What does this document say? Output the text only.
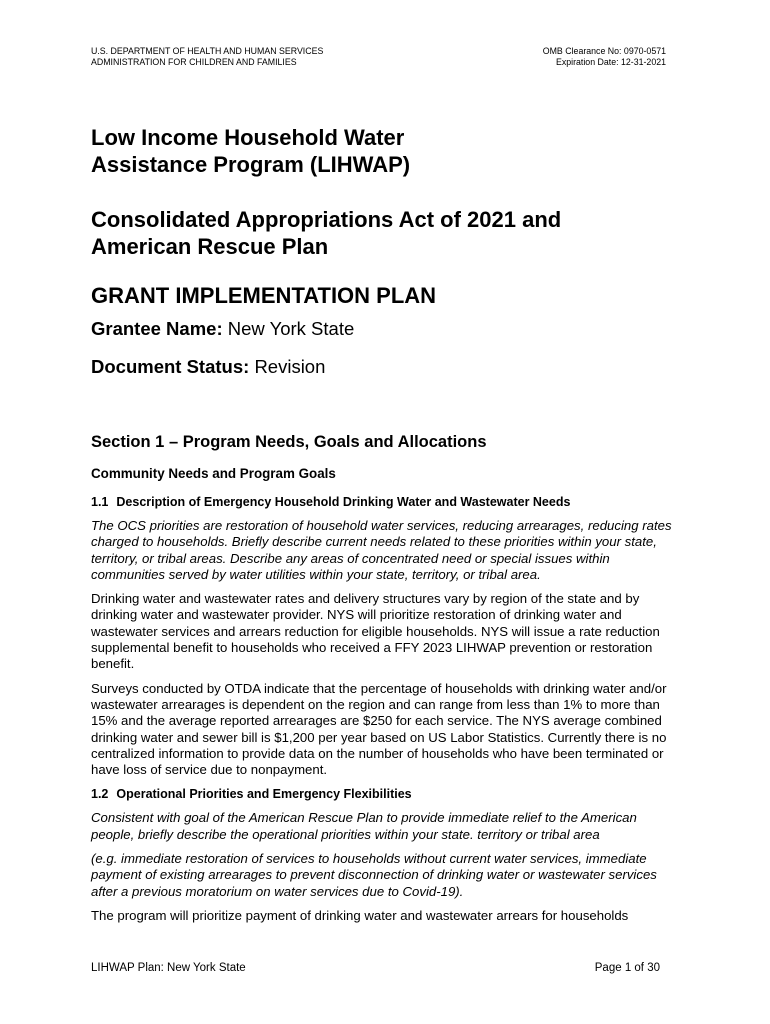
U.S. DEPARTMENT OF HEALTH AND HUMAN SERVICES
ADMINISTRATION FOR CHILDREN AND FAMILIES
OMB Clearance No: 0970-0571
Expiration Date: 12-31-2021
Low Income Household Water Assistance Program (LIHWAP)
Consolidated Appropriations Act of 2021 and American Rescue Plan
GRANT IMPLEMENTATION PLAN
Grantee Name: New York State
Document Status: Revision
Section 1 – Program Needs, Goals and Allocations
Community Needs and Program Goals
1.1 Description of Emergency Household Drinking Water and Wastewater Needs

The OCS priorities are restoration of household water services, reducing arrearages, reducing rates charged to households. Briefly describe current needs related to these priorities within your state, territory, or tribal areas. Describe any areas of concentrated need or special issues within communities served by water utilities within your state, territory, or tribal area.

Drinking water and wastewater rates and delivery structures vary by region of the state and by drinking water and wastewater provider. NYS will prioritize restoration of drinking water and wastewater services and arrears reduction for eligible households. NYS will issue a rate reduction supplemental benefit to households who received a FFY 2023 LIHWAP prevention or restoration benefit.

Surveys conducted by OTDA indicate that the percentage of households with drinking water and/or wastewater arrearages is dependent on the region and can range from less than 1% to more than 15% and the average reported arrearages are $250 for each service. The NYS average combined drinking water and sewer bill is $1,200 per year based on US Labor Statistics. Currently there is no centralized information to provide data on the number of households who have been terminated or have loss of service due to nonpayment.

1.2 Operational Priorities and Emergency Flexibilities

Consistent with goal of the American Rescue Plan to provide immediate relief to the American people, briefly describe the operational priorities within your state. territory or tribal area

(e.g. immediate restoration of services to households without current water services, immediate payment of existing arrearages to prevent disconnection of drinking water or wastewater services after a previous moratorium on water services due to Covid-19).

The program will prioritize payment of drinking water and wastewater arrears for households

LIHWAP Plan: New York State	Page 1 of 30
